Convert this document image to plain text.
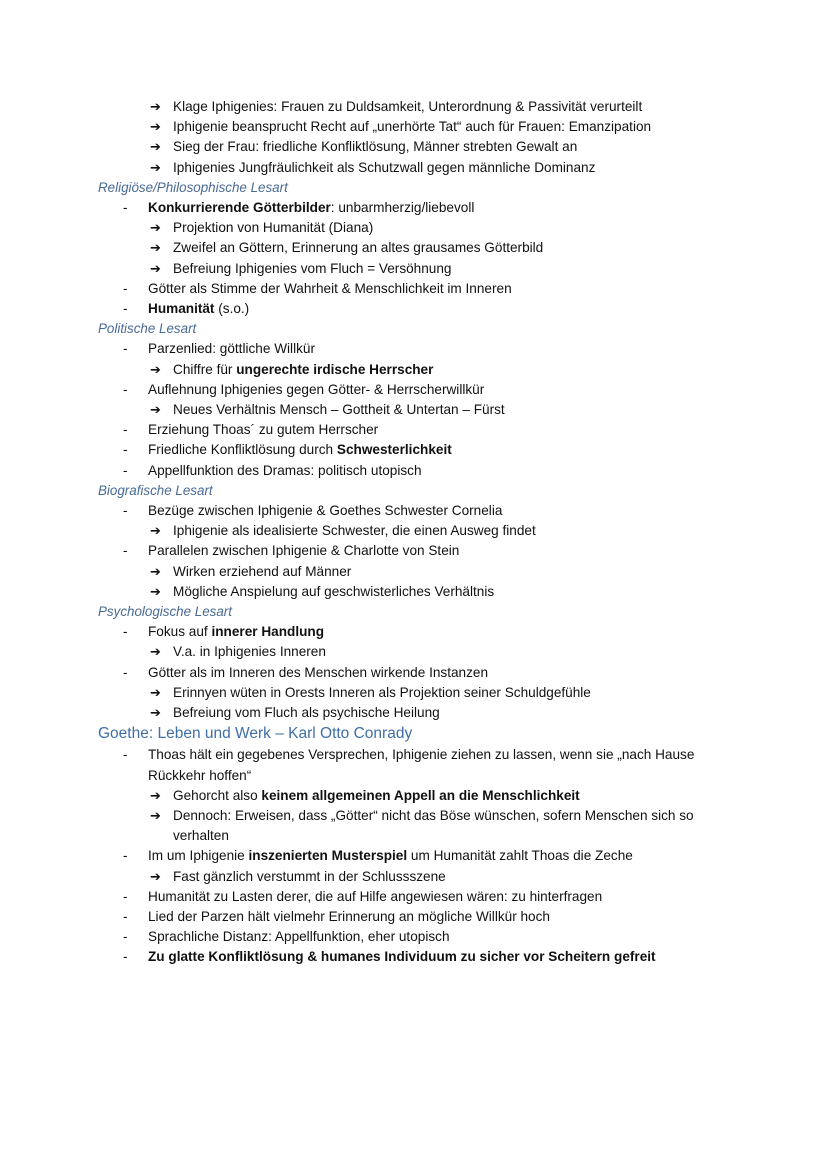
➔ Klage Iphigenies: Frauen zu Duldsamkeit, Unterordnung & Passivität verurteilt
➔ Iphigenie beansprucht Recht auf „unerhörte Tat“ auch für Frauen: Emanzipation
➔ Sieg der Frau: friedliche Konfliktlösung, Männer strebten Gewalt an
➔ Iphigenies Jungfräulichkeit als Schutzwall gegen männliche Dominanz
Religiöse/Philosophische Lesart
- Konkurrierende Götterbilder: unbarmherzig/liebevoll
➔ Projektion von Humanität (Diana)
➔ Zweifel an Göttern, Erinnerung an altes grausames Götterbild
➔ Befreiung Iphigenies vom Fluch = Versöhnung
- Götter als Stimme der Wahrheit & Menschlichkeit im Inneren
- Humanität (s.o.)
Politische Lesart
- Parzenlied: göttliche Willkür
➔ Chiffre für ungerechte irdische Herrscher
- Auflehnung Iphigenies gegen Götter- & Herrscherwillkür
➔ Neues Verhältnis Mensch – Gottheit & Untertan – Fürst
- Erziehung Thoas´ zu gutem Herrscher
- Friedliche Konfliktlösung durch Schwesterlichkeit
- Appellfunktion des Dramas: politisch utopisch
Biografische Lesart
- Bezüge zwischen Iphigenie & Goethes Schwester Cornelia
➔ Iphigenie als idealisierte Schwester, die einen Ausweg findet
- Parallelen zwischen Iphigenie & Charlotte von Stein
➔ Wirken erziehend auf Männer
➔ Mögliche Anspielung auf geschwisterliches Verhältnis
Psychologische Lesart
- Fokus auf innerer Handlung
➔ V.a. in Iphigenies Inneren
- Götter als im Inneren des Menschen wirkende Instanzen
➔ Erinnyen wüten in Orests Inneren als Projektion seiner Schuldgefühle
➔ Befreiung vom Fluch als psychische Heilung
Goethe: Leben und Werk – Karl Otto Conrady
- Thoas hält ein gegebenes Versprechen, Iphigenie ziehen zu lassen, wenn sie „nach Hause Rückkehr hoffen“
➔ Gehorcht also keinem allgemeinen Appell an die Menschlichkeit
➔ Dennoch: Erweisen, dass „Götter“ nicht das Böse wünschen, sofern Menschen sich so verhalten
- Im um Iphigenie inszenierten Musterspiel um Humanität zahlt Thoas die Zeche
➔ Fast gänzlich verstummt in der Schlussszene
- Humanität zu Lasten derer, die auf Hilfe angewiesen wären: zu hinterfragen
- Lied der Parzen hält vielmehr Erinnerung an mögliche Willkür hoch
- Sprachliche Distanz: Appellfunktion, eher utopisch
- Zu glatte Konfliktlösung & humanes Individuum zu sicher vor Scheitern gefreit
